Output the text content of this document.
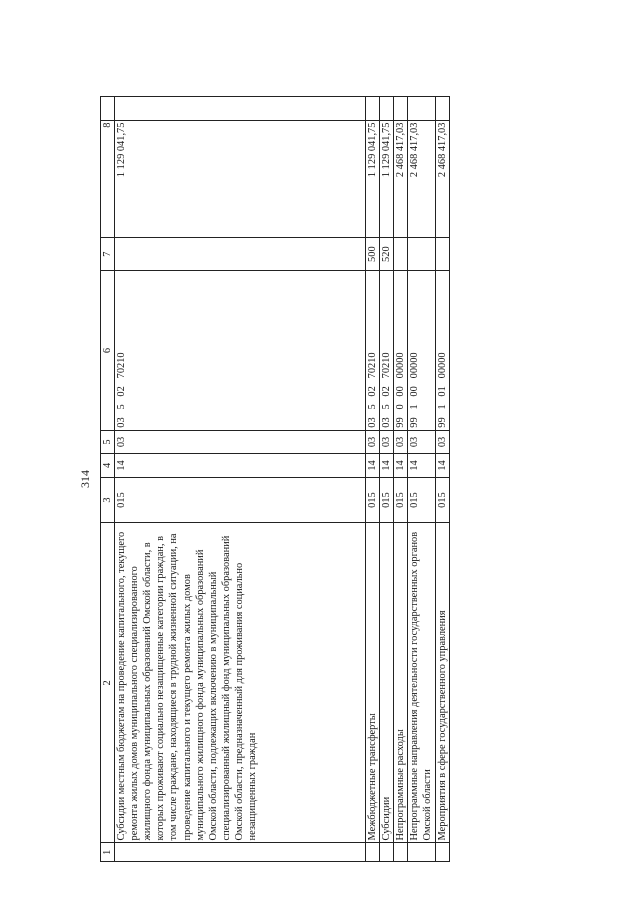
314
1	2	3	4	5	6	7	8	
	Субсидии местным бюджетам на проведение капитального, текущего ремонта жилых домов муниципального специализированного жилищного фонда муниципальных образований Омской области, в которых проживают социально незащищенные категории граждан, в том числе граждане, находящиеся в трудной жизненной ситуации, на проведение капитального и текущего ремонта жилых домов муниципального жилищного фонда муниципальных образований Омской области, подлежащих включению в муниципальный специализированный жилищный фонд муниципальных образований Омской области, предназначенный для проживания социально незащищенных граждан	015	14	03	03   5   02   70210		1 129 041,75	
	Межбюджетные трансферты	015	14	03	03   5   02   70210	500	1 129 041,75	
	Субсидии	015	14	03	03   5   02   70210	520	1 129 041,75	
	Непрограммные расходы	015	14	03	99   0   00   00000		2 468 417,03	
	Непрограммные направления деятельности государственных органов Омской области	015	14	03	99   1   00   00000		2 468 417,03	
	Мероприятия в сфере государственного управления	015	14	03	99   1   01   00000		2 468 417,03	
